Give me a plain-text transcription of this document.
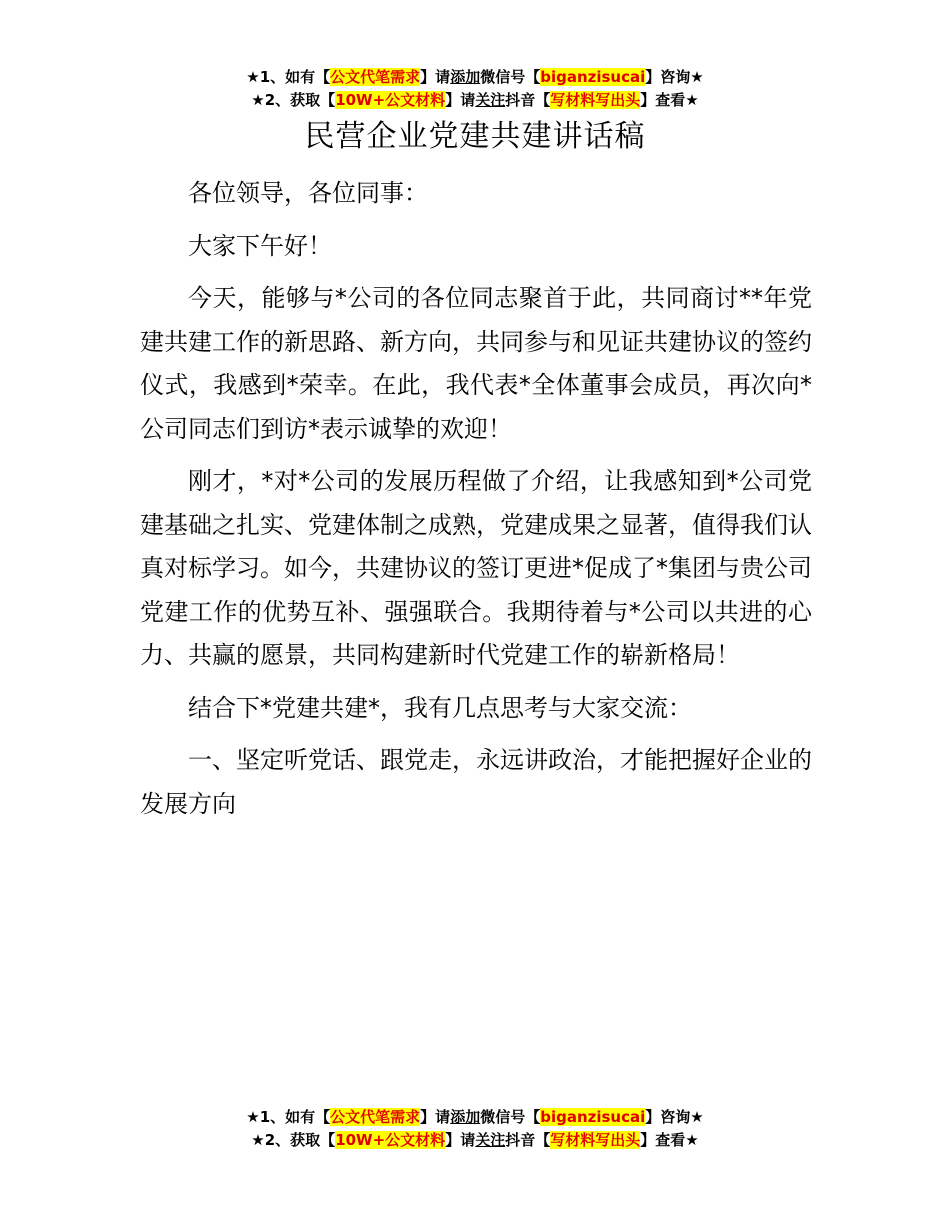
★1、如有【公文代笔需求】请添加微信号【biganzisucai】咨询★
★2、获取【10W+公文材料】请关注抖音【写材料写出头】查看★
民营企业党建共建讲话稿

各位领导，各位同事：

大家下午好！

今天，能够与*公司的各位同志聚首于此，共同商讨**年党建共建工作的新思路、新方向，共同参与和见证共建协议的签约仪式，我感到*荣幸。在此，我代表*全体董事会成员，再次向*公司同志们到访*表示诚挚的欢迎！

刚才，*对*公司的发展历程做了介绍，让我感知到*公司党建基础之扎实、党建体制之成熟，党建成果之显著，值得我们认真对标学习。如今，共建协议的签订更进*促成了*集团与贵公司党建工作的优势互补、强强联合。我期待着与*公司以共进的心力、共赢的愿景，共同构建新时代党建工作的崭新格局！

结合下*党建共建*，我有几点思考与大家交流：

一、坚定听党话、跟党走，永远讲政治，才能把握好企业的发展方向

★1、如有【公文代笔需求】请添加微信号【biganzisucai】咨询★
★2、获取【10W+公文材料】请关注抖音【写材料写出头】查看★
